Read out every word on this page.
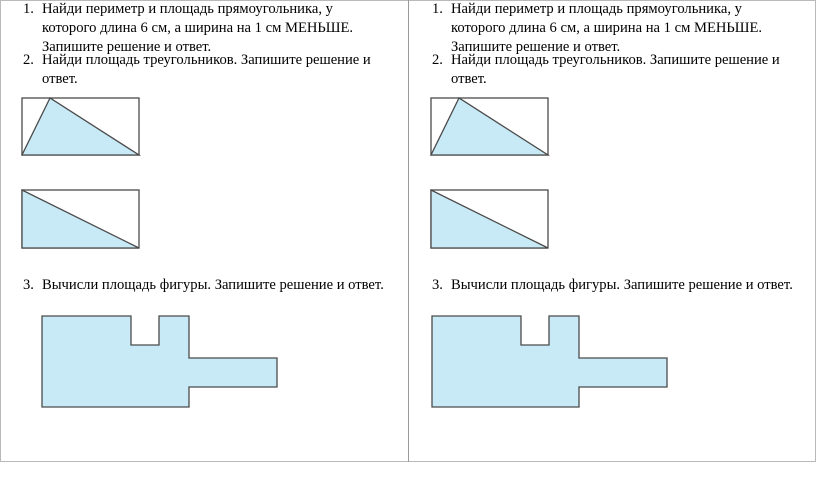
1. Найди периметр и площадь прямоугольника, у которого длина 6 см, а ширина на 1 см МЕНЬШЕ. Запишите решение и ответ.
2. Найди площадь треугольников. Запишите решение и ответ.
3. Вычисли площадь фигуры. Запишите решение и ответ.
1. Найди периметр и площадь прямоугольника, у которого длина 6 см, а ширина на 1 см МЕНЬШЕ. Запишите решение и ответ.
2. Найди площадь треугольников. Запишите решение и ответ.
3. Вычисли площадь фигуры. Запишите решение и ответ.
